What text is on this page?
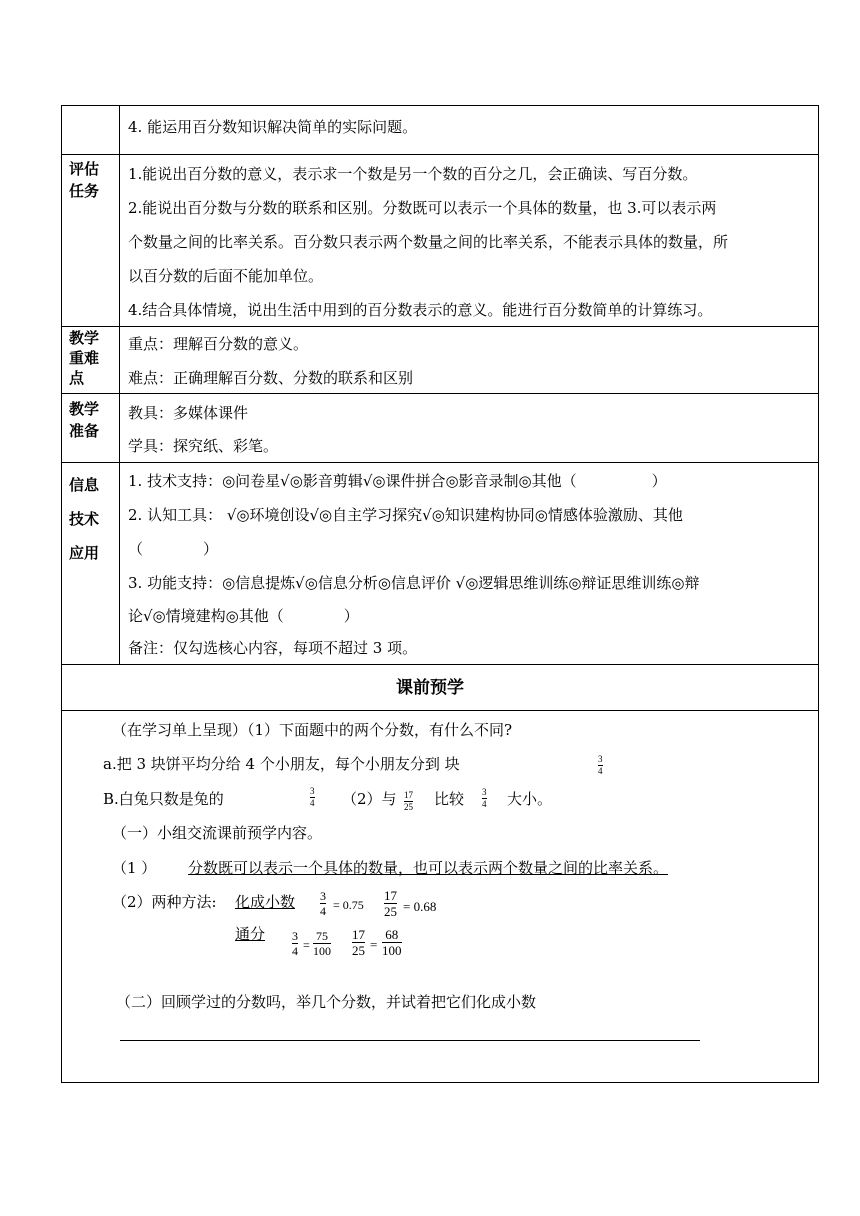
4. 能运用百分数知识解决简单的实际问题。
评估
任务
1.能说出百分数的意义，表示求一个数是另一个数的百分之几，会正确读、写百分数。
2.能说出百分数与分数的联系和区别。分数既可以表示一个具体的数量，也 3.可以表示两
个数量之间的比率关系。百分数只表示两个数量之间的比率关系，不能表示具体的数量，所
以百分数的后面不能加单位。
4.结合具体情境，说出生活中用到的百分数表示的意义。能进行百分数简单的计算练习。
教学
重难
点
重点：理解百分数的意义。
难点：正确理解百分数、分数的联系和区别
教学
准备
教具：多媒体课件
学具：探究纸、彩笔。
信息
技术
应用
1. 技术支持：◎问卷星√◎影音剪辑√◎课件拼合◎影音录制◎其他（　　　　　）
2. 认知工具： √◎环境创设√◎自主学习探究√◎知识建构协同◎情感体验激励、其他
（　　　　）
3. 功能支持：◎信息提炼√◎信息分析◎信息评价 √◎逻辑思维训练◎辩证思维训练◎辩
论√◎情境建构◎其他（　　　　）
备注：仅勾选核心内容，每项不超过 3 项。
课前预学
（在学习单上呈现）（1）下面题中的两个分数，有什么不同?
a.把 3 块饼平均分给 4 个小朋友，每个小朋友分到 块	3
4
B.白兔只数是兔的	3
4 （2）与 17
25 比较 3
4 大小。
（一）小组交流课前预学内容。
（1 ） 分数既可以表示一个具体的数量，也可以表示两个数量之间的比率关系。
（2）两种方法: 化成小数 3
4 = 0.75
17
25 = 0.68
通分 3
4 =
75
100
17
25 =
68
100
（二）回顾学过的分数吗，举几个分数，并试着把它们化成小数
